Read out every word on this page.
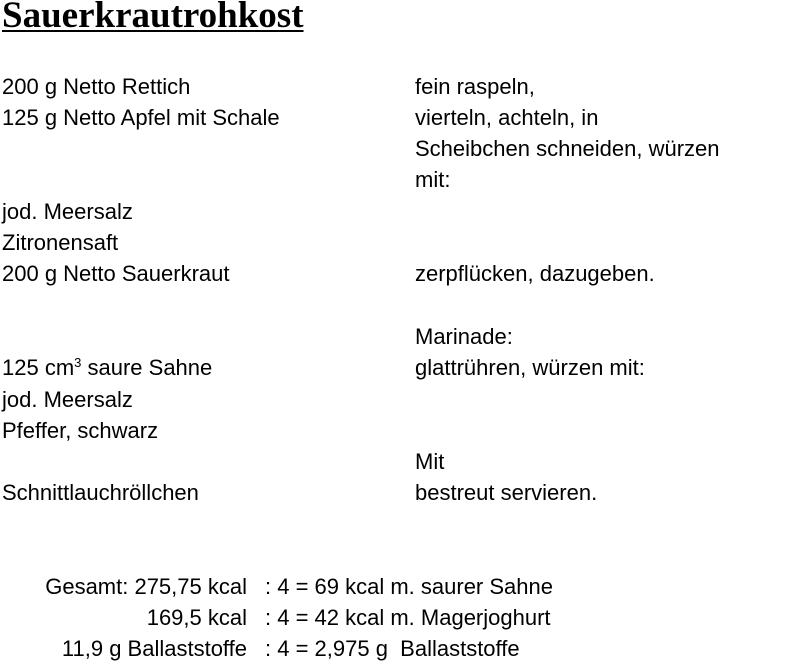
Sauerkrautrohkost
200 g Netto Rettich	fein raspeln,
125 g Netto Apfel mit Schale	vierteln, achteln, in
Scheibchen schneiden, würzen
mit:
jod. Meersalz
Zitronensaft
200 g Netto Sauerkraut	zerpflücken, dazugeben.
Marinade:
125 $cm^3$ saure Sahne	glattrühren, würzen mit:
jod. Meersalz
Pfeffer, schwarz
Mit
Schnittlauchröllchen	bestreut servieren.
Gesamt: 275,75 kcal : 4 = 69 kcal m. saurer Sahne
169,5 kcal : 4 = 42 kcal m. Magerjoghurt
11,9 g Ballaststoffe : 4 = 2,975 g  Ballaststoffe
